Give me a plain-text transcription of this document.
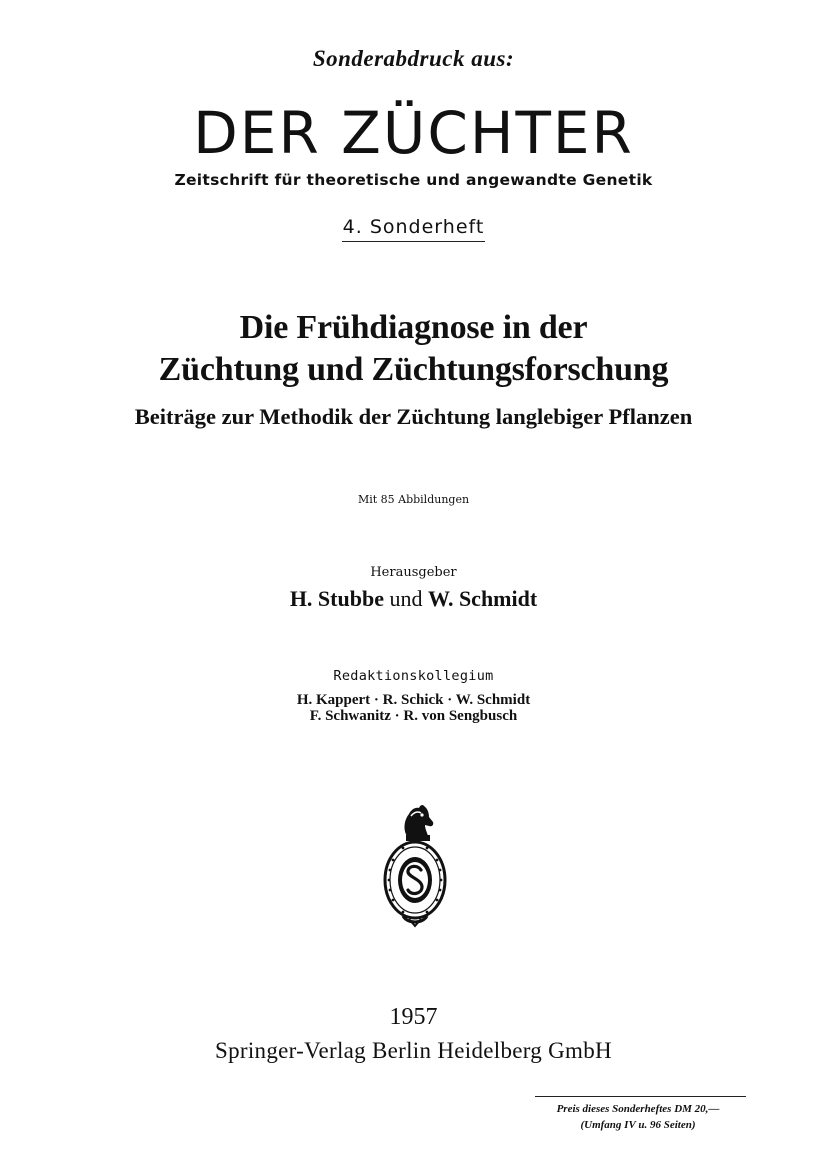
Sonderabdruck aus:
DER ZÜCHTER
Zeitschrift für theoretische und angewandte Genetik
4. Sonderheft
Die Frühdiagnose in der
Züchtung und Züchtungsforschung
Beiträge zur Methodik der Züchtung langlebiger Pflanzen
Mit 85 Abbildungen
Herausgeber
H. Stubbe und W. Schmidt
Redaktionskollegium
H. Kappert · R. Schick · W. Schmidt
F. Schwanitz · R. von Sengbusch
1957
Springer-Verlag Berlin Heidelberg GmbH
Preis dieses Sonderheftes DM 20,—
(Umfang IV u. 96 Seiten)
